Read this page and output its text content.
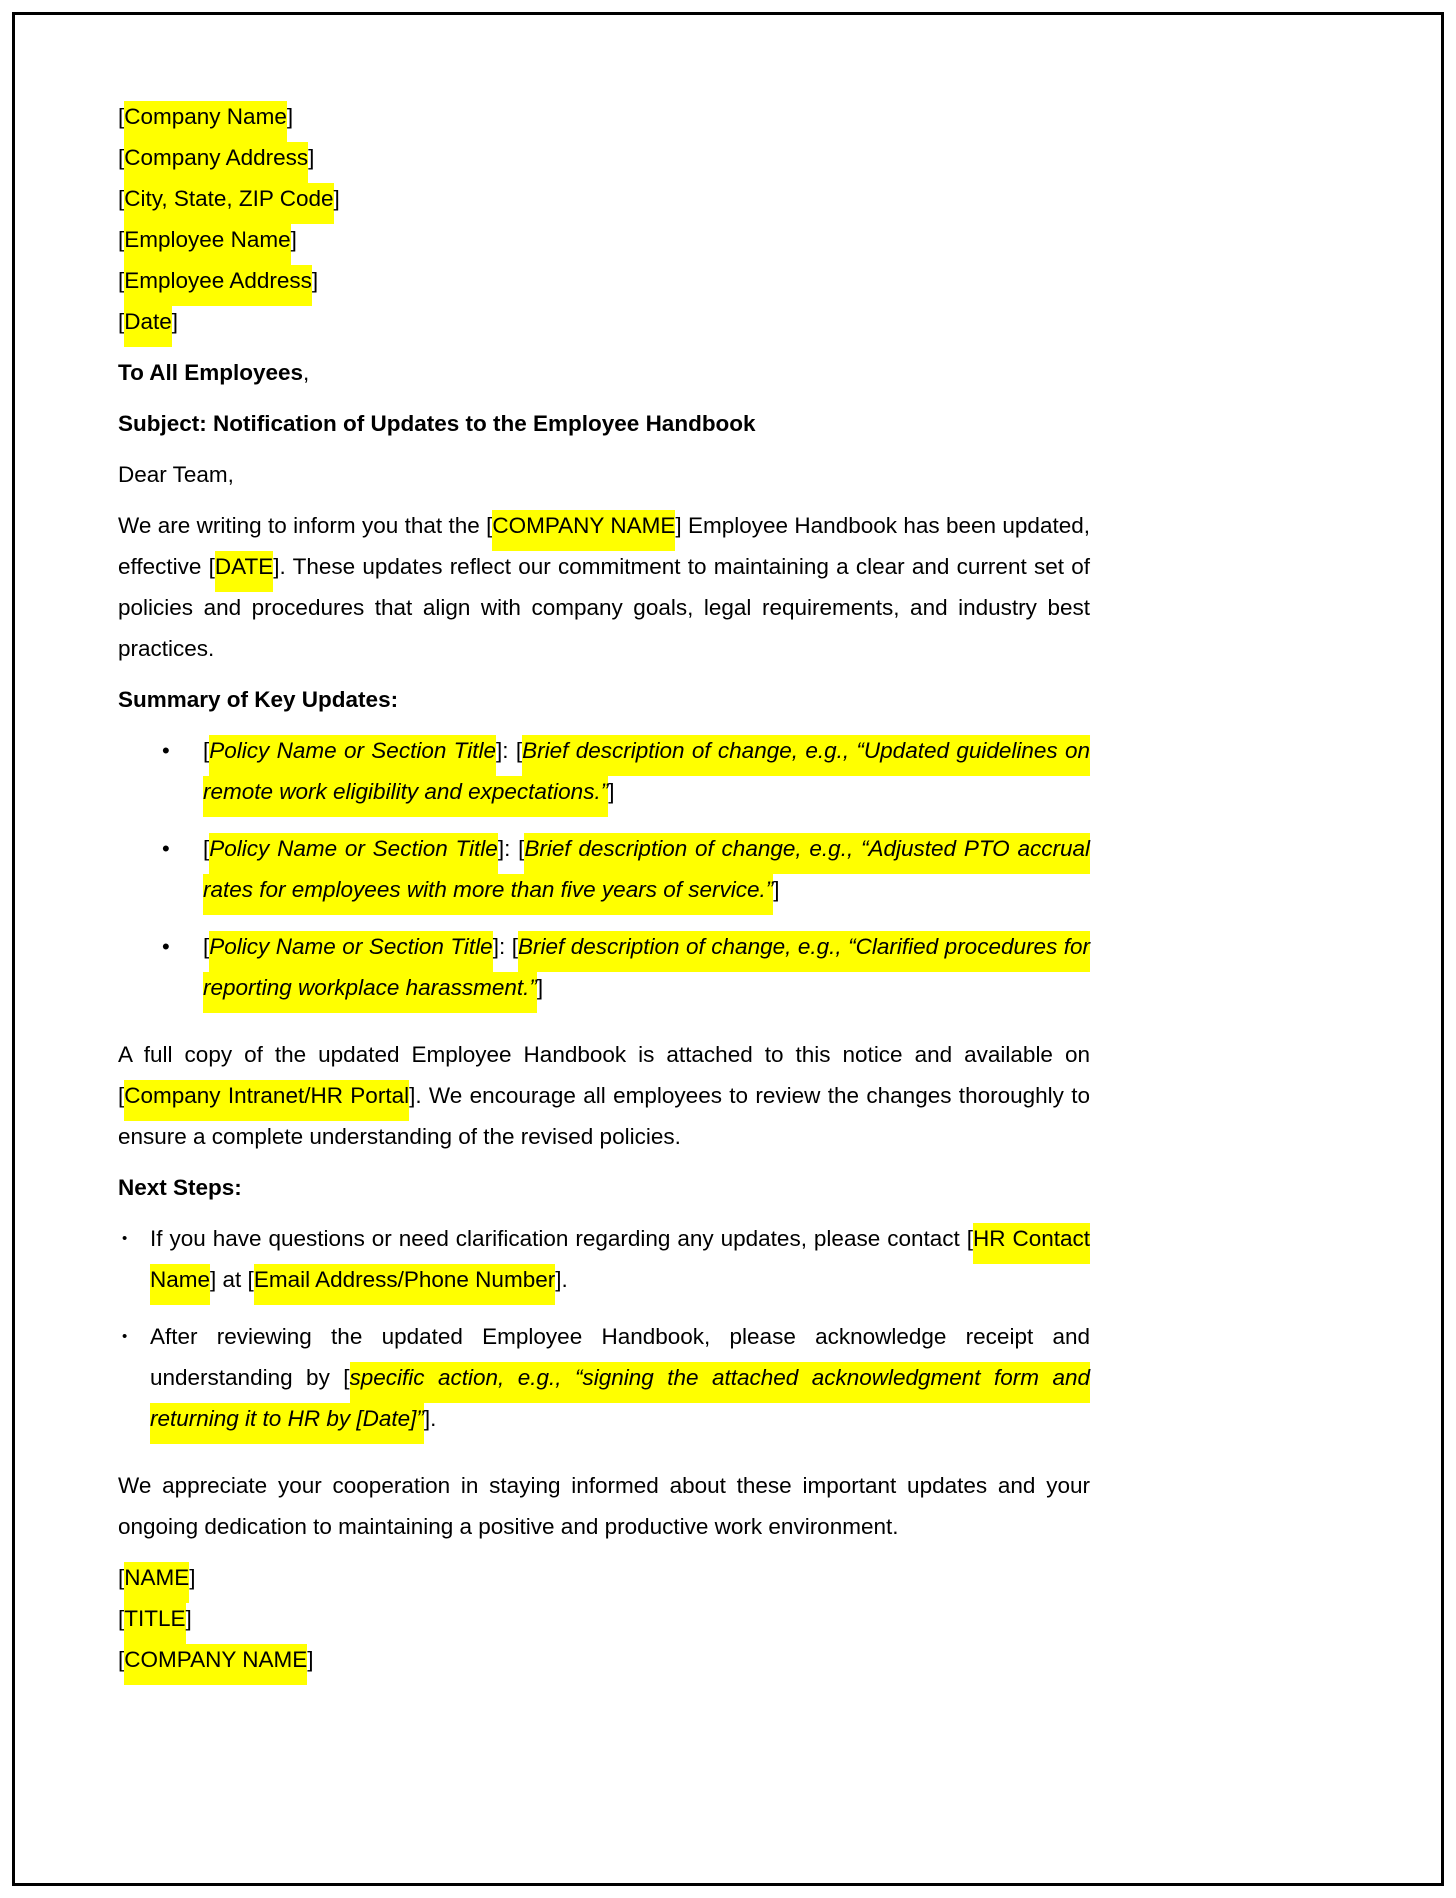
[Company Name]
[Company Address]
[City, State, ZIP Code]
[Employee Name]
[Employee Address]
[Date]
To All Employees,
Subject: Notification of Updates to the Employee Handbook
Dear Team,

We are writing to inform you that the [COMPANY NAME] Employee Handbook has been updated, effective [DATE]. These updates reflect our commitment to maintaining a clear and current set of policies and procedures that align with company goals, legal requirements, and industry best practices.

Summary of Key Updates:
• [Policy Name or Section Title]: [Brief description of change, e.g., “Updated guidelines on remote work eligibility and expectations.”]
• [Policy Name or Section Title]: [Brief description of change, e.g., “Adjusted PTO accrual rates for employees with more than five years of service.”]
• [Policy Name or Section Title]: [Brief description of change, e.g., “Clarified procedures for reporting workplace harassment.”]

A full copy of the updated Employee Handbook is attached to this notice and available on [Company Intranet/HR Portal]. We encourage all employees to review the changes thoroughly to ensure a complete understanding of the revised policies.

Next Steps:
• If you have questions or need clarification regarding any updates, please contact [HR Contact Name] at [Email Address/Phone Number].
• After reviewing the updated Employee Handbook, please acknowledge receipt and understanding by [specific action, e.g., “signing the attached acknowledgment form and returning it to HR by [Date]”].

We appreciate your cooperation in staying informed about these important updates and your ongoing dedication to maintaining a positive and productive work environment.

[NAME]
[TITLE]
[COMPANY NAME]
